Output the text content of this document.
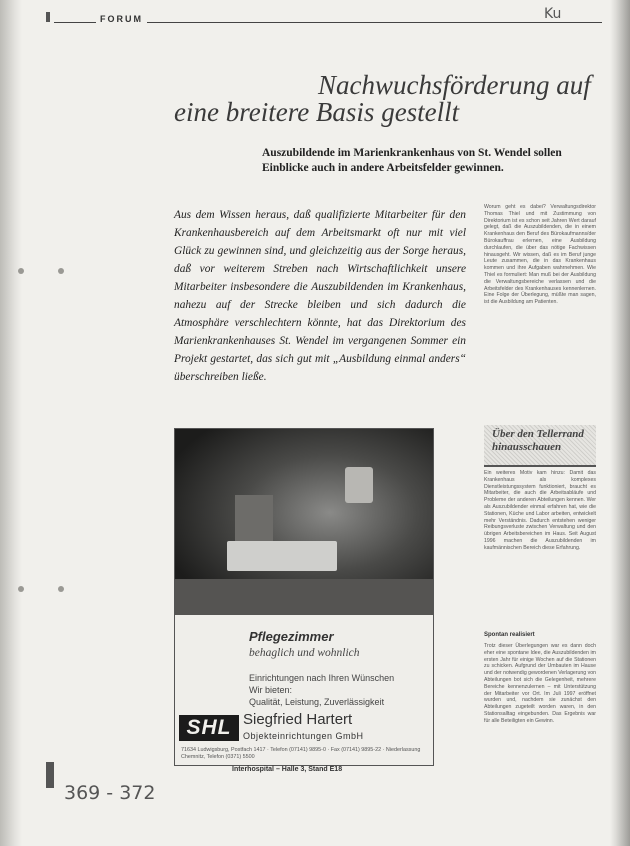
FORUM	Ku
Nachwuchsförderung auf
eine breitere Basis gestellt
Auszubildende im Marienkrankenhaus von St. Wendel sollen Einblicke auch in andere Arbeitsfelder gewinnen.
Aus dem Wissen heraus, daß qualifizierte Mitarbeiter für den Krankenhausbereich auf dem Arbeitsmarkt oft nur mit viel Glück zu gewinnen sind, und gleichzeitig aus der Sorge heraus, daß vor weiterem Streben nach Wirtschaftlichkeit unsere Mitarbeiter insbesondere die Auszubildenden im Krankenhaus, nahezu auf der Strecke bleiben und sich dadurch die Atmosphäre verschlechtern könnte, hat das Direktorium des Marienkrankenhauses St. Wendel im vergangenen Sommer ein Projekt gestartet, das sich gut mit „Ausbildung einmal anders“ überschreiben ließe.

Worum geht es dabei? Verwaltungsdirektor Thomas Thiel und mit Zustimmung von Direktorium ist es schon seit Jahren Wert darauf gelegt, daß die Auszubildenden, die in einem Krankenhaus den Beruf des Bürokaufmanns/der Bürokauffrau erlernen, eine Ausbildung durchlaufen, die über das nötige Fachwissen hinausgeht. Wir wissen, daß es im Beruf junge Leute zusammen, die in das Krankenhaus kommen und ihre Aufgaben wahrnehmen. Wie Thiel es formuliert: Man muß bei der Ausbildung die Verwaltungsbereiche verlassen und die Arbeitsfelder des Krankenhauses kennenlernen. Eine Folge der Überlegung, müßte man sagen, ist die Ausbildung am Patienten.

Über den Tellerrand hinausschauen

Ein weiteres Motiv kam hinzu: Damit das Krankenhaus als komplexes Dienstleistungssystem funktioniert, braucht es Mitarbeiter, die auch die Arbeitsabläufe und Probleme der anderen Abteilungen kennen. Wer als Auszubildender einmal erfahren hat, wie die Stationen, Küche und Labor arbeiten, entwickelt mehr Verständnis. Dadurch entstehen weniger Reibungsverluste zwischen Verwaltung und den übrigen Arbeitsbereichen im Haus. Seit August 1996 machen die Auszubildenden im kaufmännischen Bereich diese Erfahrung.

Spontan realisiert

Trotz dieser Überlegungen war es dann doch eher eine spontane Idee, die Auszubildenden im ersten Jahr für einige Wochen auf die Stationen zu schicken. Aufgrund der Umbauten im Hause und der notwendig gewordenen Verlagerung von Abteilungen bot sich die Gelegenheit, mehrere Bereiche kennenzulernen – mit Unterstützung der Mitarbeiter vor Ort. Im Juli 1997 eröffnet wurden und, nachdem sie zunächst den Abteilungen zugeteilt worden waren, in den Stationsalltag eingebunden. Das Ergebnis war für alle Beteiligten ein Gewinn.

Pflegezimmer
behaglich und wohnlich
Einrichtungen nach Ihren Wünschen
Wir bieten:
Qualität, Leistung, Zuverlässigkeit
SHL Siegfried Hartert
Objekteinrichtungen GmbH
71634 Ludwigsburg, Postfach 1417 · Telefon (07141) 9895-0 · Fax (07141) 9895-22 · Niederlassung Chemnitz, Telefon (0371) 5500
Interhospital – Halle 3, Stand E18
369 - 372
